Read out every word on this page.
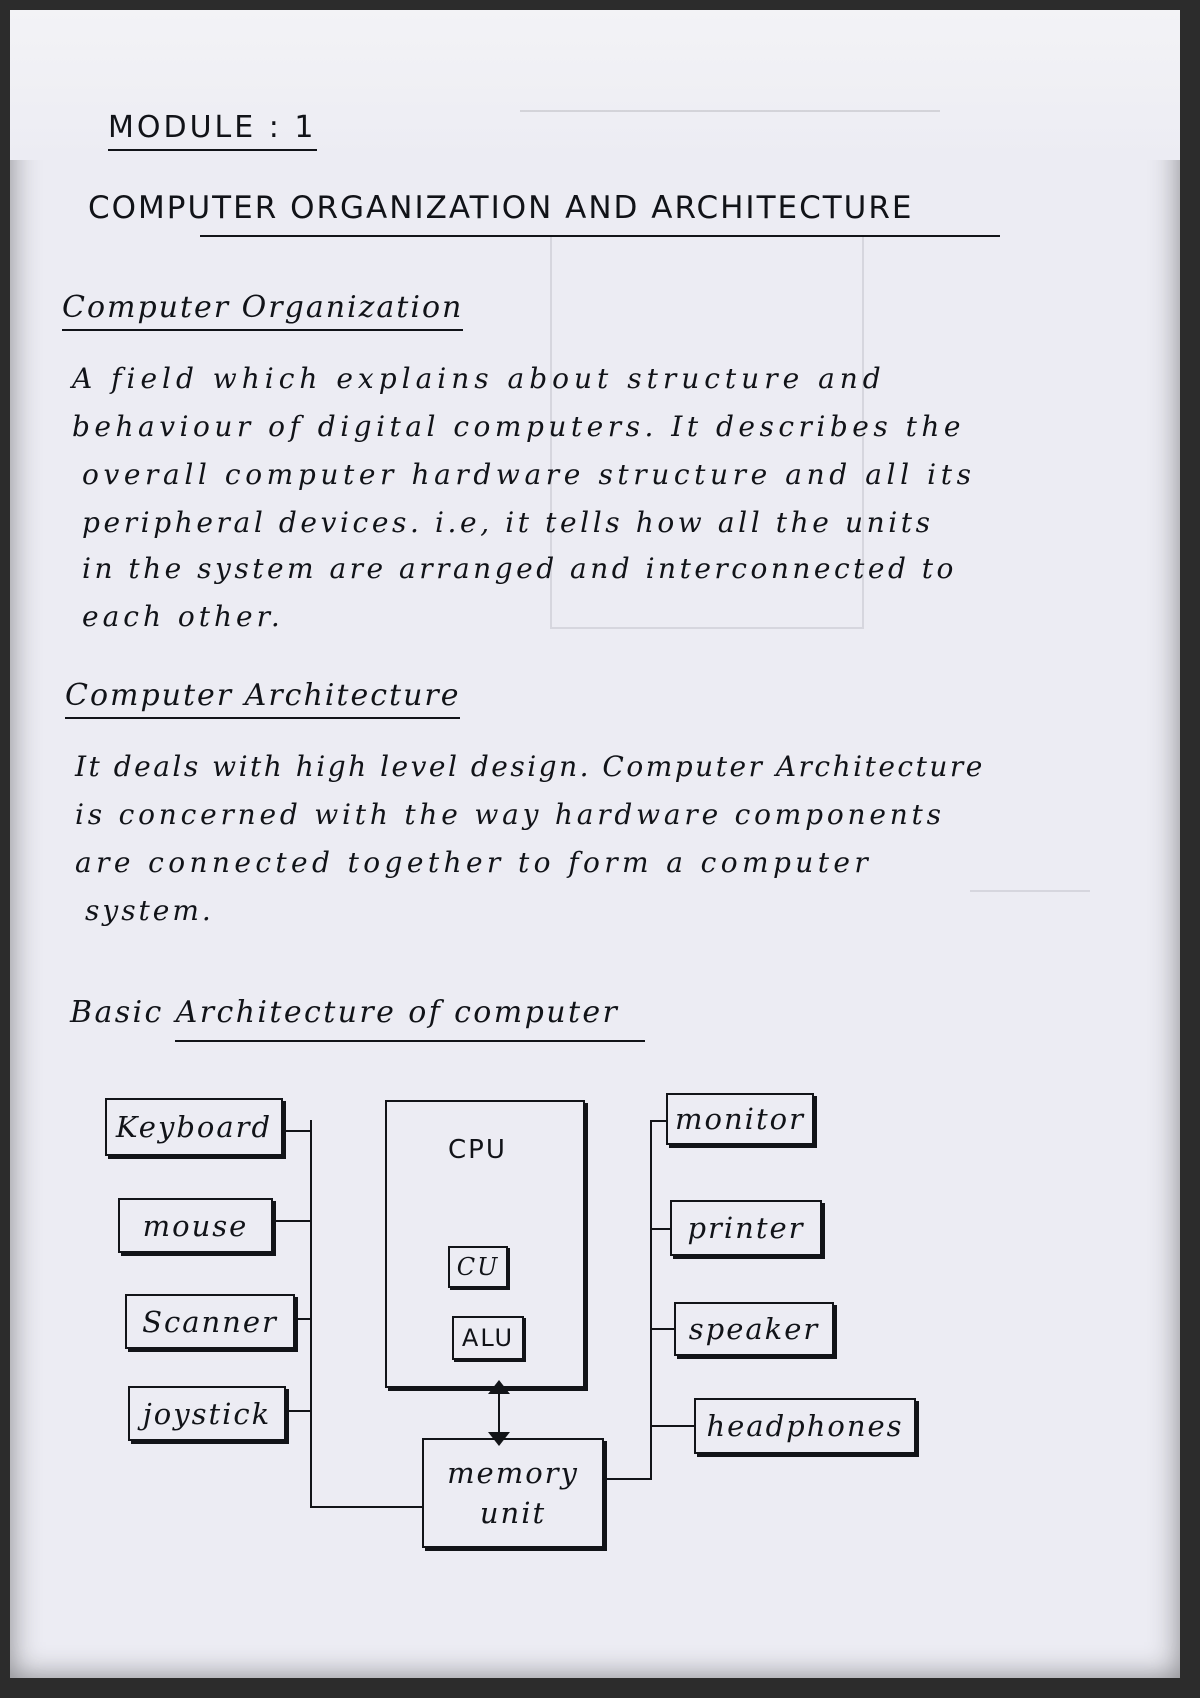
MODULE : 1
COMPUTER ORGANIZATION AND ARCHITECTURE
Computer Organization
A field which explains about structure and
behaviour of digital computers. It describes the
overall computer hardware structure and all its
peripheral devices. i.e, it tells how all the units
in the system are arranged and interconnected to
each other.
Computer Architecture
It deals with high level design. Computer Architecture
is concerned with the way hardware components
are connected together to form a computer
system.
Basic Architecture of computer
Keyboard
mouse
Scanner
joystick
CPU
CU
ALU
memory
unit
monitor
printer
speaker
headphones
